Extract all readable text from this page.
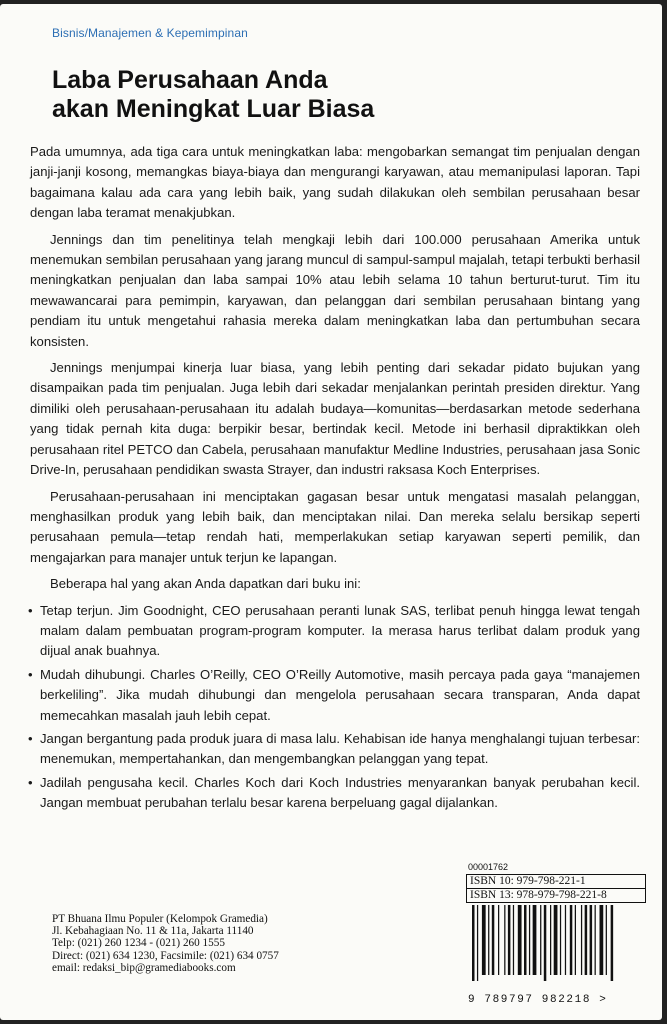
Bisnis/Manajemen & Kepemimpinan
Laba Perusahaan Anda
akan Meningkat Luar Biasa

Pada umumnya, ada tiga cara untuk meningkatkan laba: mengobarkan semangat tim penjualan dengan janji-janji kosong, memangkas biaya-biaya dan mengurangi karyawan, atau memanipulasi laporan. Tapi bagaimana kalau ada cara yang lebih baik, yang sudah dilakukan oleh sembilan perusahaan besar dengan laba teramat menakjubkan.

Jennings dan tim penelitinya telah mengkaji lebih dari 100.000 perusahaan Amerika untuk menemukan sembilan perusahaan yang jarang muncul di sampul-sampul majalah, tetapi terbukti berhasil meningkatkan penjualan dan laba sampai 10% atau lebih selama 10 tahun berturut-turut. Tim itu mewawancarai para pemimpin, karyawan, dan pelanggan dari sembilan perusahaan bintang yang pendiam itu untuk mengetahui rahasia mereka dalam meningkatkan laba dan pertumbuhan secara konsisten.

Jennings menjumpai kinerja luar biasa, yang lebih penting dari sekadar pidato bujukan yang disampaikan pada tim penjualan. Juga lebih dari sekadar menjalankan perintah presiden direktur. Yang dimiliki oleh perusahaan-perusahaan itu adalah budaya—komunitas—berdasarkan metode sederhana yang tidak pernah kita duga: berpikir besar, bertindak kecil. Metode ini berhasil dipraktikkan oleh perusahaan ritel PETCO dan Cabela, perusahaan manufaktur Medline Industries, perusahaan jasa Sonic Drive-In, perusahaan pendidikan swasta Strayer, dan industri raksasa Koch Enterprises.

Perusahaan-perusahaan ini menciptakan gagasan besar untuk mengatasi masalah pelanggan, menghasilkan produk yang lebih baik, dan menciptakan nilai. Dan mereka selalu bersikap seperti perusahaan pemula—tetap rendah hati, memperlakukan setiap karyawan seperti pemilik, dan mengajarkan para manajer untuk terjun ke lapangan.

Beberapa hal yang akan Anda dapatkan dari buku ini:

• Tetap terjun. Jim Goodnight, CEO perusahaan peranti lunak SAS, terlibat penuh hingga lewat tengah malam dalam pembuatan program-program komputer. Ia merasa harus terlibat dalam produk yang dijual anak buahnya.
• Mudah dihubungi. Charles O’Reilly, CEO O’Reilly Automotive, masih percaya pada gaya “manajemen berkeliling”. Jika mudah dihubungi dan mengelola perusahaan secara transparan, Anda dapat memecahkan masalah jauh lebih cepat.
• Jangan bergantung pada produk juara di masa lalu. Kehabisan ide hanya menghalangi tujuan terbesar: menemukan, mempertahankan, dan mengembangkan pelanggan yang tepat.
• Jadilah pengusaha kecil. Charles Koch dari Koch Industries menyarankan banyak perubahan kecil. Jangan membuat perubahan terlalu besar karena berpeluang gagal dijalankan.
PT Bhuana Ilmu Populer (Kelompok Gramedia)
Jl. Kebahagiaan No. 11 & 11a, Jakarta 11140
Telp: (021) 260 1234 - (021) 260 1555
Direct: (021) 634 1230, Facsimile: (021) 634 0757
email: redaksi_bip@gramediabooks.com
00001762
ISBN 10: 979-798-221-1
ISBN 13: 978-979-798-221-8
9 789797 982218 >
